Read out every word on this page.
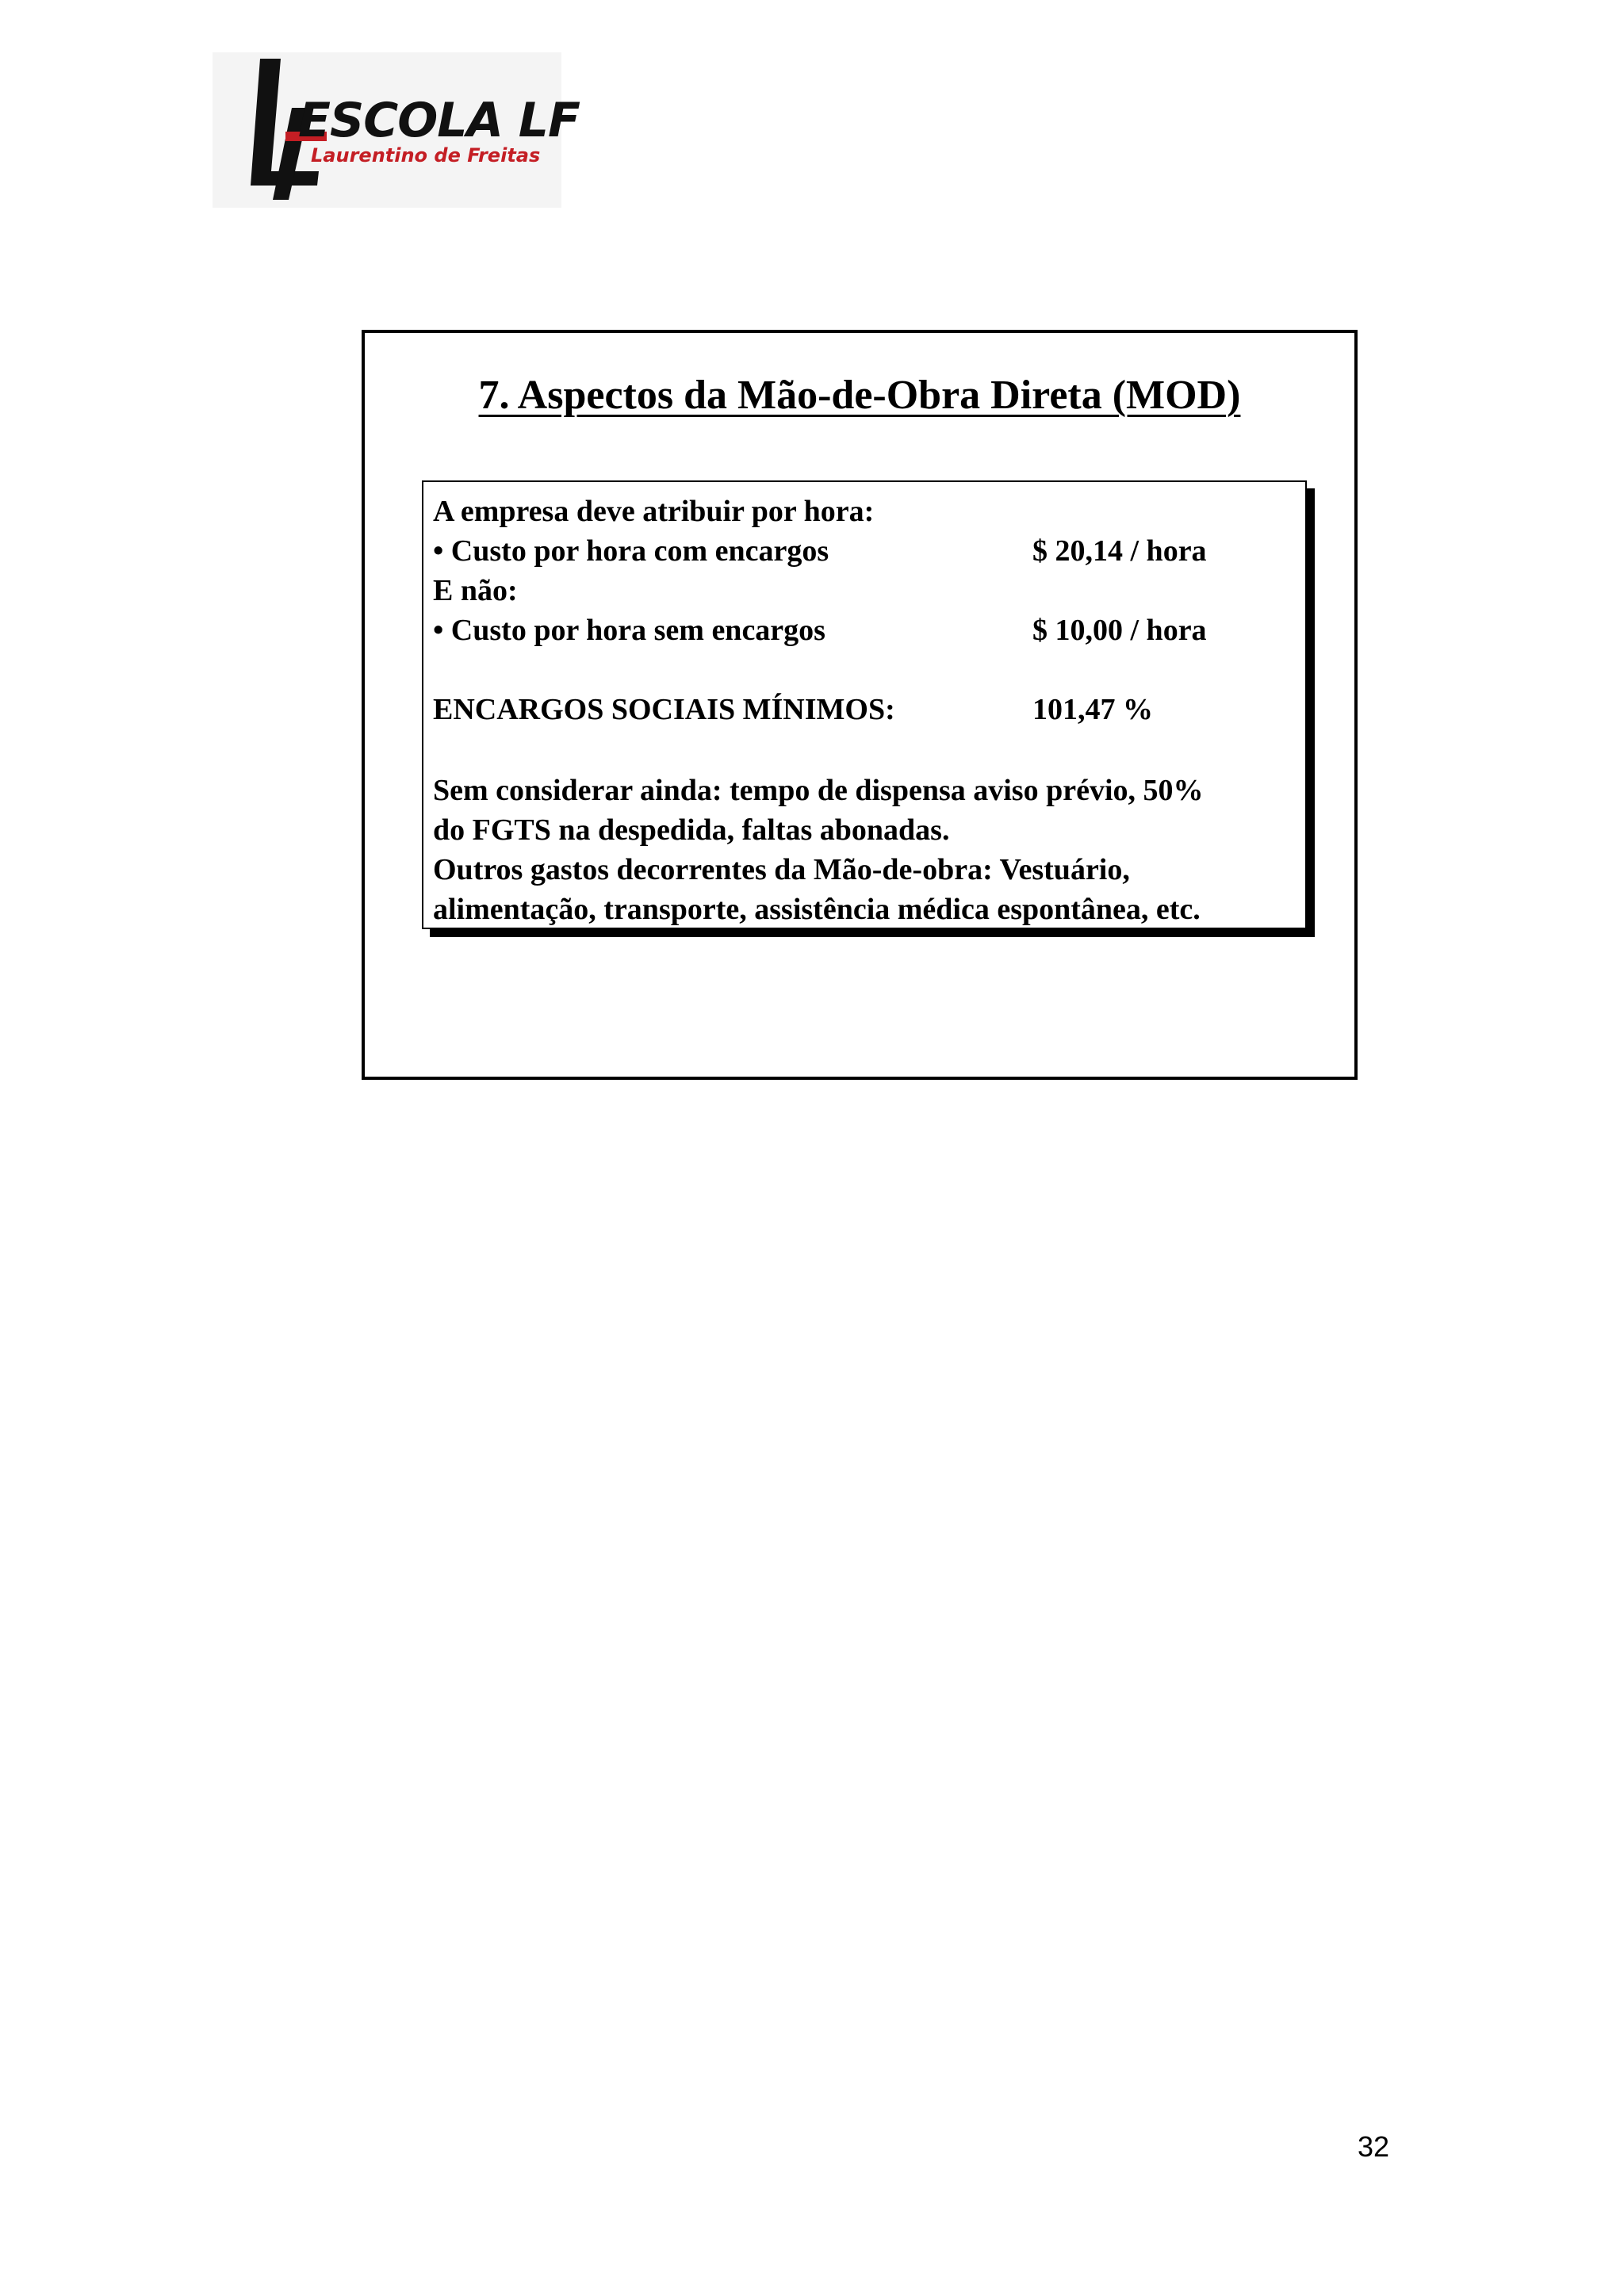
ESCOLA LF
Laurentino de Freitas
7. Aspectos da Mão-de-Obra Direta (MOD)
A empresa deve atribuir por hora:
• Custo por hora com encargos	$ 20,14 / hora
E não:
• Custo por hora sem encargos	$ 10,00 / hora
ENCARGOS SOCIAIS MÍNIMOS:	101,47 %
Sem considerar ainda: tempo de dispensa aviso prévio, 50%
do FGTS na despedida, faltas abonadas.
Outros gastos decorrentes da Mão-de-obra: Vestuário,
alimentação, transporte, assistência médica espontânea, etc.
32
